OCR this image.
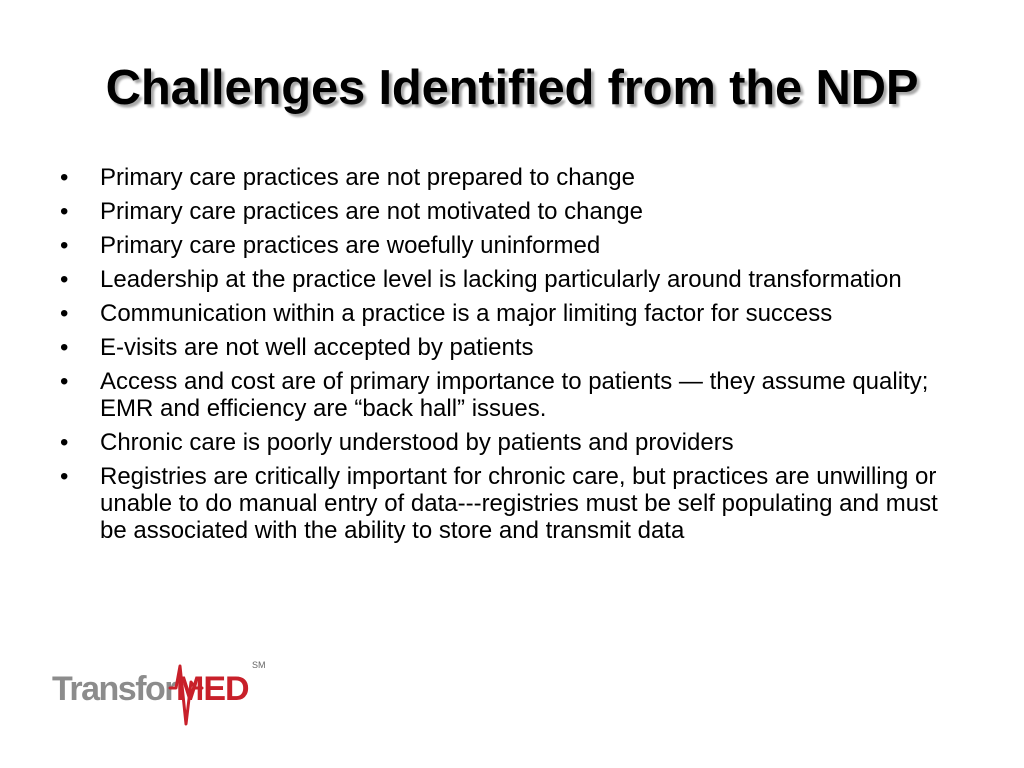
Challenges Identified from the NDP
•	Primary care practices are not prepared to change
•	Primary care practices are not motivated to change
•	Primary care practices are woefully uninformed
•	Leadership at the practice level is lacking particularly around transformation
•	Communication within a practice is a major limiting factor for success
•	E-visits are not well accepted by patients
•	Access and cost are of primary importance to patients — they assume quality; EMR and efficiency are “back hall” issues.
•	Chronic care is poorly understood by patients and providers
•	Registries are critically important for chronic care, but practices are unwilling or unable to do manual entry of data---registries must be self populating and must be associated with the ability to store and transmit data
Transfor MED
SM
